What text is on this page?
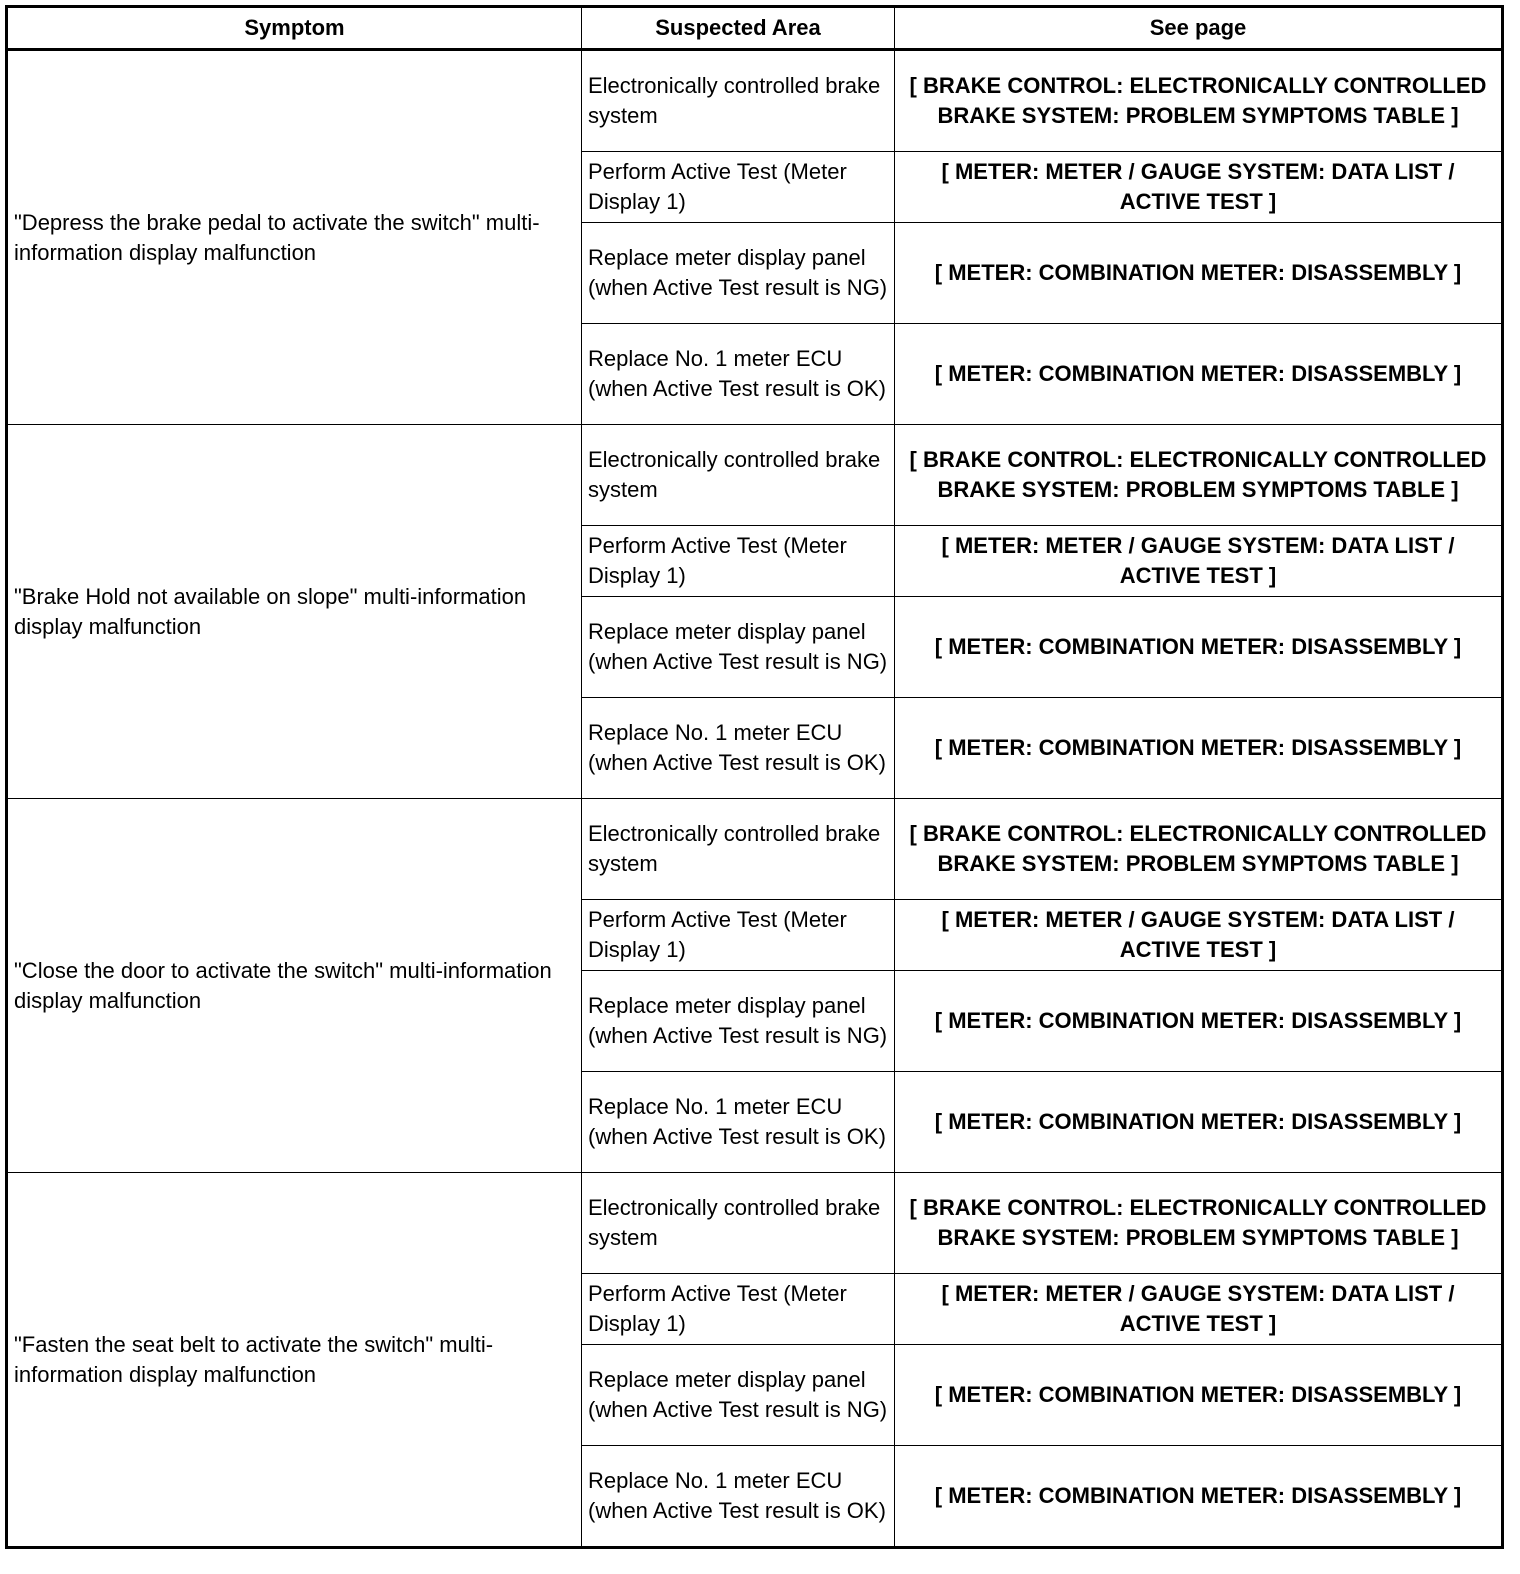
Symptom	Suspected Area	See page
"Depress the brake pedal to activate the switch" multi-information display malfunction	Electronically controlled brake system	[ BRAKE CONTROL: ELECTRONICALLY CONTROLLED BRAKE SYSTEM: PROBLEM SYMPTOMS TABLE ]
	Perform Active Test (Meter Display 1)	[ METER: METER / GAUGE SYSTEM: DATA LIST / ACTIVE TEST ]
	Replace meter display panel (when Active Test result is NG)	[ METER: COMBINATION METER: DISASSEMBLY ]
	Replace No. 1 meter ECU (when Active Test result is OK)	[ METER: COMBINATION METER: DISASSEMBLY ]
"Brake Hold not available on slope" multi-information display malfunction	Electronically controlled brake system	[ BRAKE CONTROL: ELECTRONICALLY CONTROLLED BRAKE SYSTEM: PROBLEM SYMPTOMS TABLE ]
	Perform Active Test (Meter Display 1)	[ METER: METER / GAUGE SYSTEM: DATA LIST / ACTIVE TEST ]
	Replace meter display panel (when Active Test result is NG)	[ METER: COMBINATION METER: DISASSEMBLY ]
	Replace No. 1 meter ECU (when Active Test result is OK)	[ METER: COMBINATION METER: DISASSEMBLY ]
"Close the door to activate the switch" multi-information display malfunction	Electronically controlled brake system	[ BRAKE CONTROL: ELECTRONICALLY CONTROLLED BRAKE SYSTEM: PROBLEM SYMPTOMS TABLE ]
	Perform Active Test (Meter Display 1)	[ METER: METER / GAUGE SYSTEM: DATA LIST / ACTIVE TEST ]
	Replace meter display panel (when Active Test result is NG)	[ METER: COMBINATION METER: DISASSEMBLY ]
	Replace No. 1 meter ECU (when Active Test result is OK)	[ METER: COMBINATION METER: DISASSEMBLY ]
"Fasten the seat belt to activate the switch" multi-information display malfunction	Electronically controlled brake system	[ BRAKE CONTROL: ELECTRONICALLY CONTROLLED BRAKE SYSTEM: PROBLEM SYMPTOMS TABLE ]
	Perform Active Test (Meter Display 1)	[ METER: METER / GAUGE SYSTEM: DATA LIST / ACTIVE TEST ]
	Replace meter display panel (when Active Test result is NG)	[ METER: COMBINATION METER: DISASSEMBLY ]
	Replace No. 1 meter ECU (when Active Test result is OK)	[ METER: COMBINATION METER: DISASSEMBLY ]
